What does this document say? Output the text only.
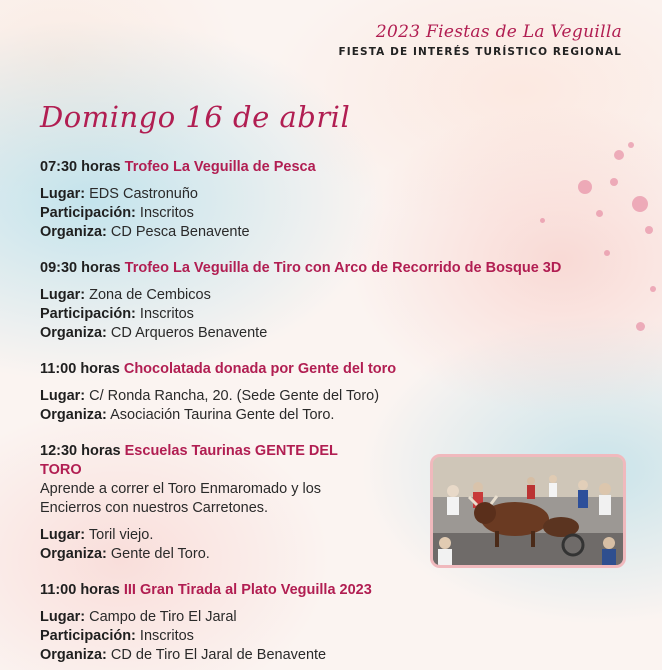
2023 Fiestas de La Veguilla
FIESTA DE INTERÉS TURÍSTICO REGIONAL
Domingo 16 de abril
07:30 horas Trofeo La Veguilla de Pesca
Lugar: EDS Castronuño
Participación: Inscritos
Organiza: CD Pesca Benavente
09:30 horas Trofeo La Veguilla de Tiro con Arco de Recorrido de Bosque 3D
Lugar: Zona de Cembicos
Participación: Inscritos
Organiza: CD Arqueros Benavente
11:00 horas Chocolatada donada por Gente del toro
Lugar: C/ Ronda Rancha, 20. (Sede Gente del Toro)
Organiza: Asociación Taurina Gente del Toro.
12:30 horas Escuelas Taurinas GENTE DEL
TORO
Aprende a correr el Toro Enmaromado y los
Encierros con nuestros Carretones.
Lugar: Toril viejo.
Organiza: Gente del Toro.
11:00 horas III Gran Tirada al Plato Veguilla 2023
Lugar: Campo de Tiro El Jaral
Participación: Inscritos
Organiza: CD de Tiro El Jaral de Benavente
